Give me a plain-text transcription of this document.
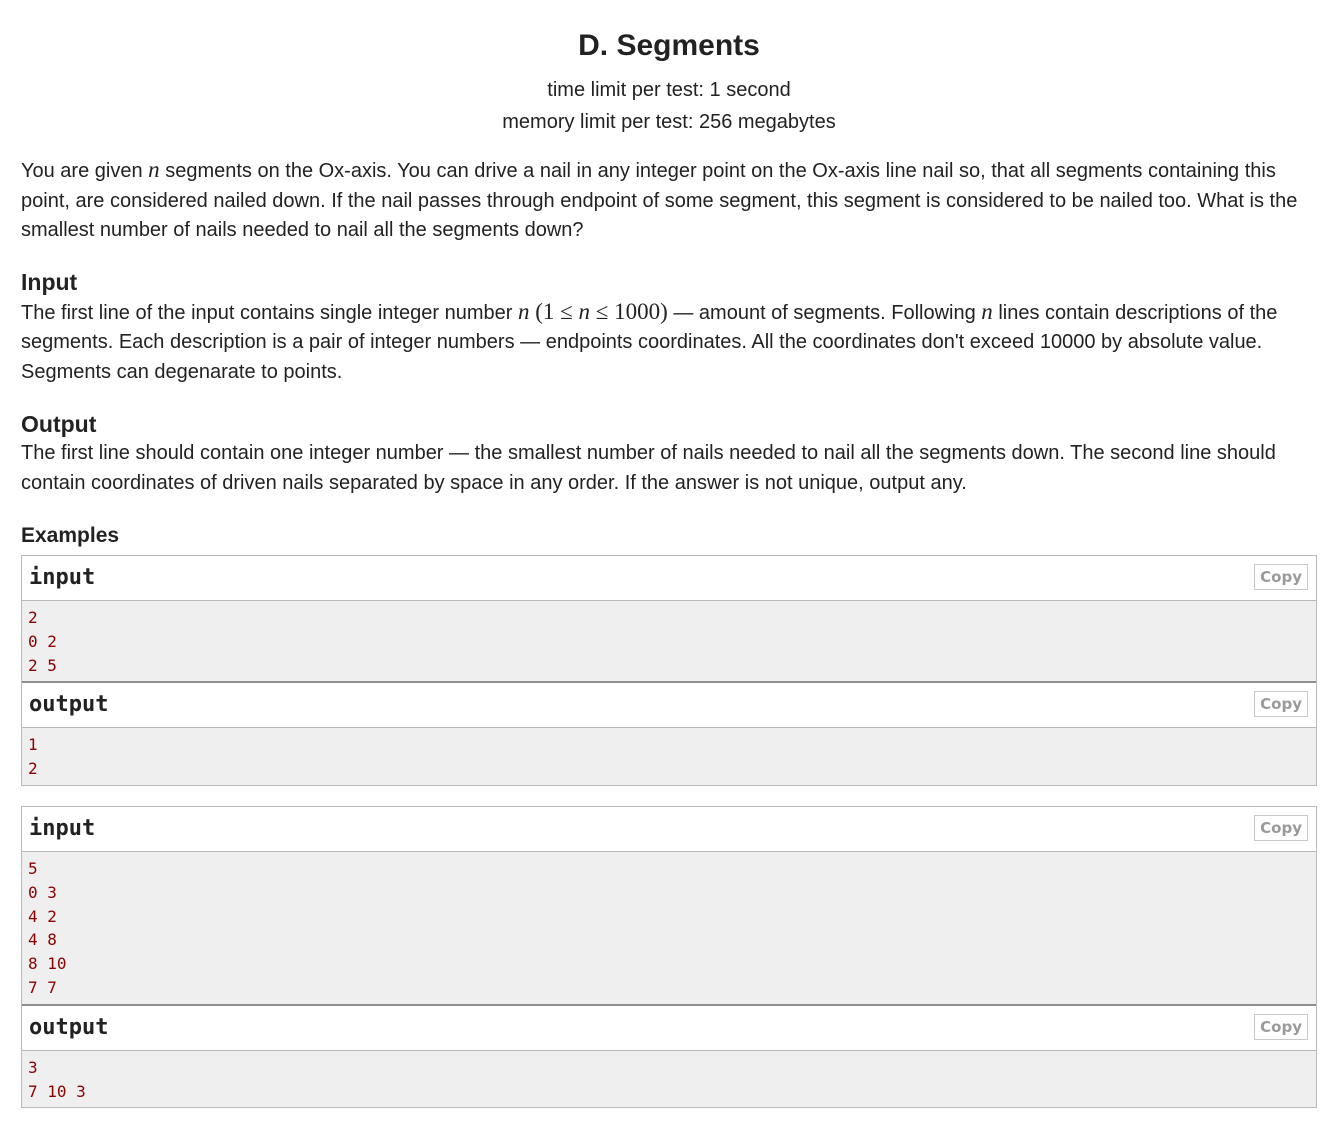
D. Segments
time limit per test: 1 second
memory limit per test: 256 megabytes

You are given n segments on the Ox-axis. You can drive a nail in any integer point on the Ox-axis line nail so, that all segments containing this point, are considered nailed down. If the nail passes through endpoint of some segment, this segment is considered to be nailed too. What is the smallest number of nails needed to nail all the segments down?

Input

The first line of the input contains single integer number n (1 ≤ n ≤ 1000) — amount of segments. Following n lines contain descriptions of the segments. Each description is a pair of integer numbers — endpoints coordinates. All the coordinates don't exceed 10000 by absolute value. Segments can degenarate to points.

Output

The first line should contain one integer number — the smallest number of nails needed to nail all the segments down. The second line should contain coordinates of driven nails separated by space in any order. If the answer is not unique, output any.

Examples
input	Copy
2
0 2
2 5
output	Copy
1
2
input	Copy
5
0 3
4 2
4 8
8 10
7 7
output	Copy
3
7 10 3
